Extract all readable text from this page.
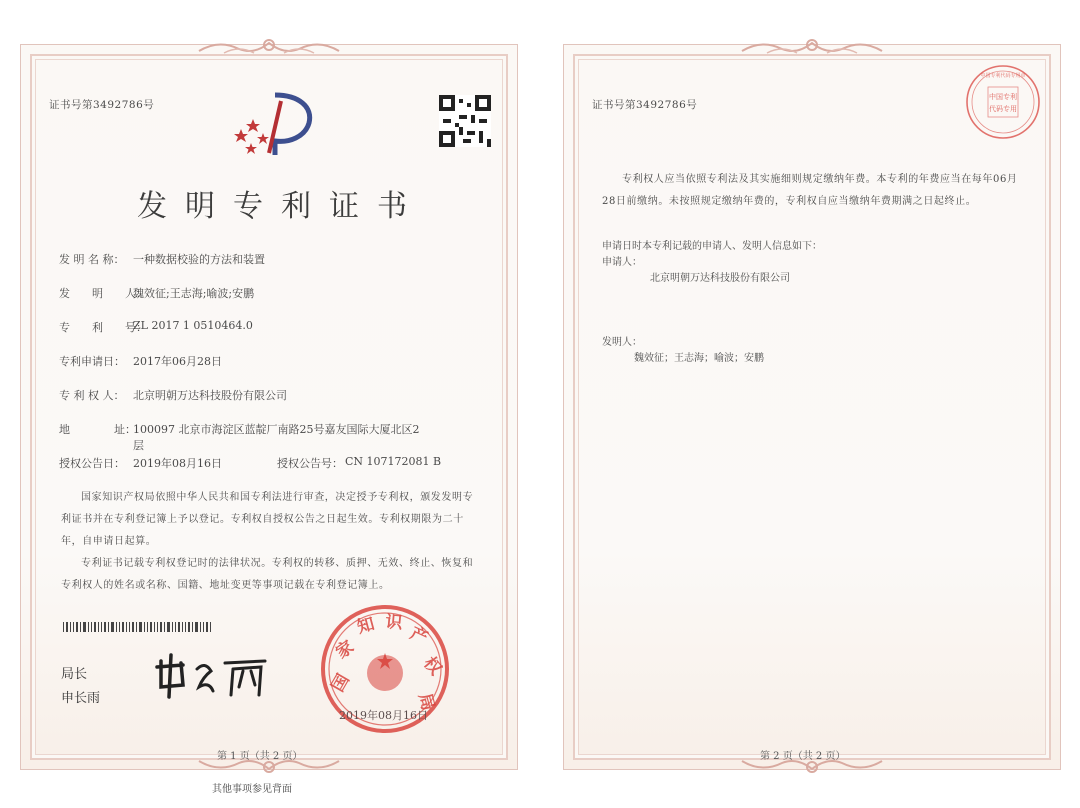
证书号第3492786号
发明专利证书
发 明 名 称： 一种数据校验的方法和装置
发　　明　　人：
魏效征;王志海;喻波;安鹏
专　　利　　号：
ZL 2017 1 0510464.0
专利申请日： 2017年06月28日
专 利 权 人： 北京明朝万达科技股份有限公司
地　　　　址：
100097 北京市海淀区蓝靛厂南路25号嘉友国际大厦北区2
层
授权公告日： 2019年08月16日	授权公告号： CN 107172081 B
国家知识产权局依照中华人民共和国专利法进行审查，决定授予专利权，颁发发明专利证书并在专利登记簿上予以登记。专利权自授权公告之日起生效。专利权期限为二十年，自申请日起算。
专利证书记载专利权登记时的法律状况。专利权的转移、质押、无效、终止、恢复和专利权人的姓名或名称、国籍、地址变更等事项记载在专利登记簿上。
局长
申长雨
国
家
知 识
产
权
局
2019年08月16日
第 1 页（共 2 页）
其他事项参见背面
证书号第3492786号
中国专利
代码专用
中国专利代码专用章
专利权人应当依照专利法及其实施细则规定缴纳年费。本专利的年费应当在每年06月28日前缴纳。未按照规定缴纳年费的，专利权自应当缴纳年费期满之日起终止。
申请日时本专利记载的申请人、发明人信息如下：
申请人：
北京明朝万达科技股份有限公司
发明人：
魏效征；王志海；喻波；安鹏
第 2 页（共 2 页）
